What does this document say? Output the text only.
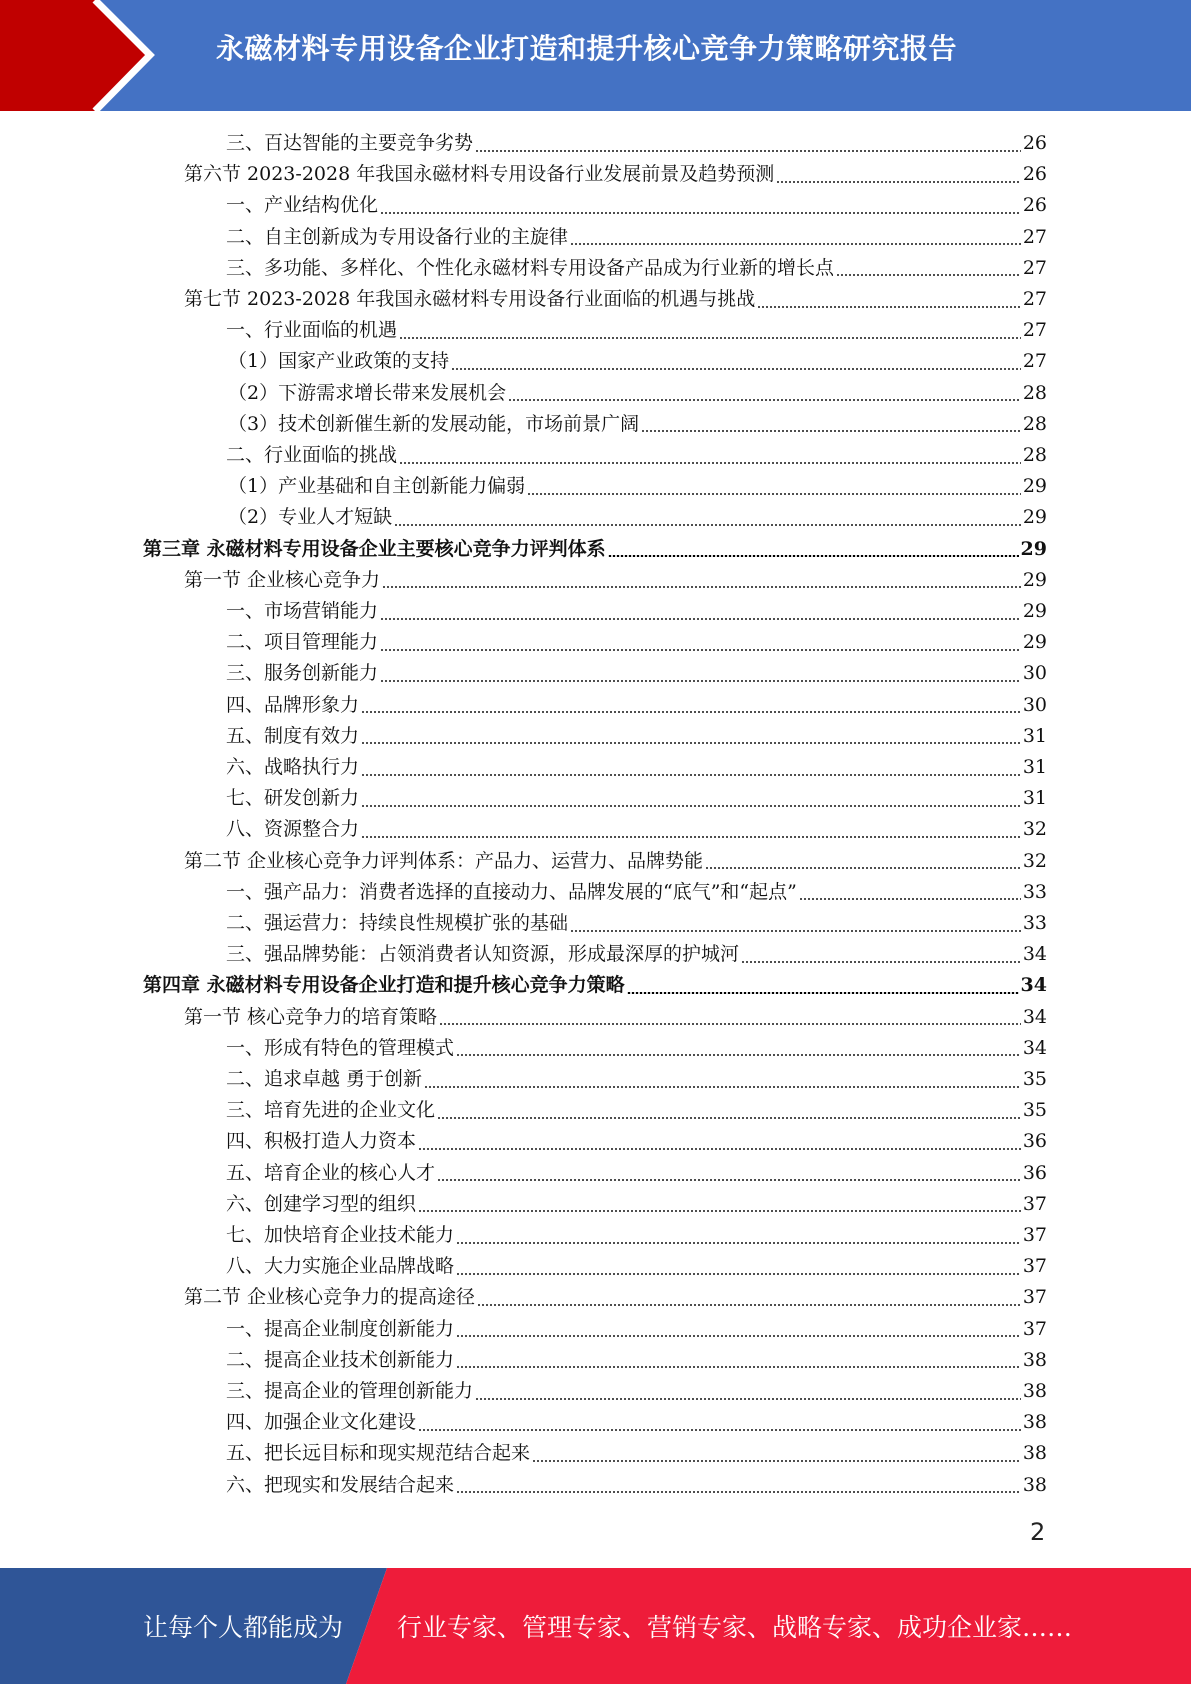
永磁材料专用设备企业打造和提升核心竞争力策略研究报告
三、百达智能的主要竞争劣势	26
第六节 2023-2028 年我国永磁材料专用设备行业发展前景及趋势预测	26
一、产业结构优化	26
二、自主创新成为专用设备行业的主旋律	27
三、多功能、多样化、个性化永磁材料专用设备产品成为行业新的增长点	27
第七节 2023-2028 年我国永磁材料专用设备行业面临的机遇与挑战	27
一、行业面临的机遇	27
（1）国家产业政策的支持	27
（2）下游需求增长带来发展机会	28
（3）技术创新催生新的发展动能，市场前景广阔	28
二、行业面临的挑战	28
（1）产业基础和自主创新能力偏弱	29
（2）专业人才短缺	29
第三章 永磁材料专用设备企业主要核心竞争力评判体系	29
第一节 企业核心竞争力	29
一、市场营销能力	29
二、项目管理能力	29
三、服务创新能力	30
四、品牌形象力	30
五、制度有效力	31
六、战略执行力	31
七、研发创新力	31
八、资源整合力	32
第二节 企业核心竞争力评判体系：产品力、运营力、品牌势能	32
一、强产品力：消费者选择的直接动力、品牌发展的“底气”和“起点”	33
二、强运营力：持续良性规模扩张的基础	33
三、强品牌势能：占领消费者认知资源，形成最深厚的护城河	34
第四章 永磁材料专用设备企业打造和提升核心竞争力策略	34
第一节 核心竞争力的培育策略	34
一、形成有特色的管理模式	34
二、追求卓越 勇于创新	35
三、培育先进的企业文化	35
四、积极打造人力资本	36
五、培育企业的核心人才	36
六、创建学习型的组织	37
七、加快培育企业技术能力	37
八、大力实施企业品牌战略	37
第二节 企业核心竞争力的提高途径	37
一、提高企业制度创新能力	37
二、提高企业技术创新能力	38
三、提高企业的管理创新能力	38
四、加强企业文化建设	38
五、把长远目标和现实规范结合起来	38
六、把现实和发展结合起来	38
2
让每个人都能成为 行业专家、管理专家、营销专家、战略专家、成功企业家……
